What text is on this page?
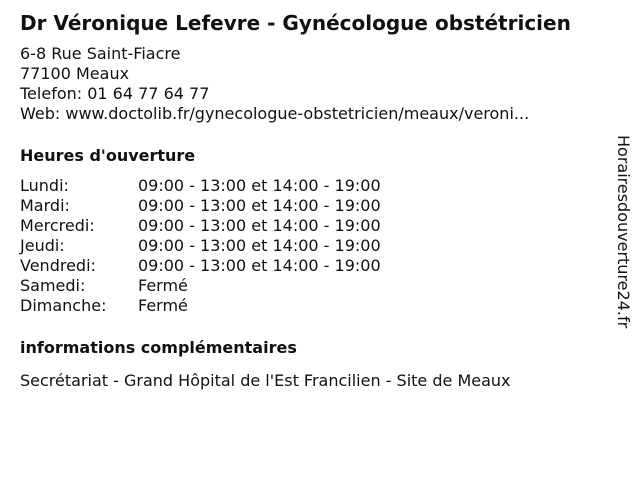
Dr Véronique Lefevre - Gynécologue obstétricien
6-8 Rue Saint-Fiacre
77100 Meaux
Telefon: 01 64 77 64 77
Web: www.doctolib.fr/gynecologue-obstetricien/meaux/veroni...
Heures d'ouverture
Lundi:	09:00 - 13:00 et 14:00 - 19:00
Mardi:	09:00 - 13:00 et 14:00 - 19:00
Mercredi:	09:00 - 13:00 et 14:00 - 19:00
Jeudi:	09:00 - 13:00 et 14:00 - 19:00
Vendredi:	09:00 - 13:00 et 14:00 - 19:00
Samedi:	Fermé
Dimanche:	Fermé
informations complémentaires
Secrétariat - Grand Hôpital de l'Est Francilien - Site de Meaux
Horairesdouverture24.fr
